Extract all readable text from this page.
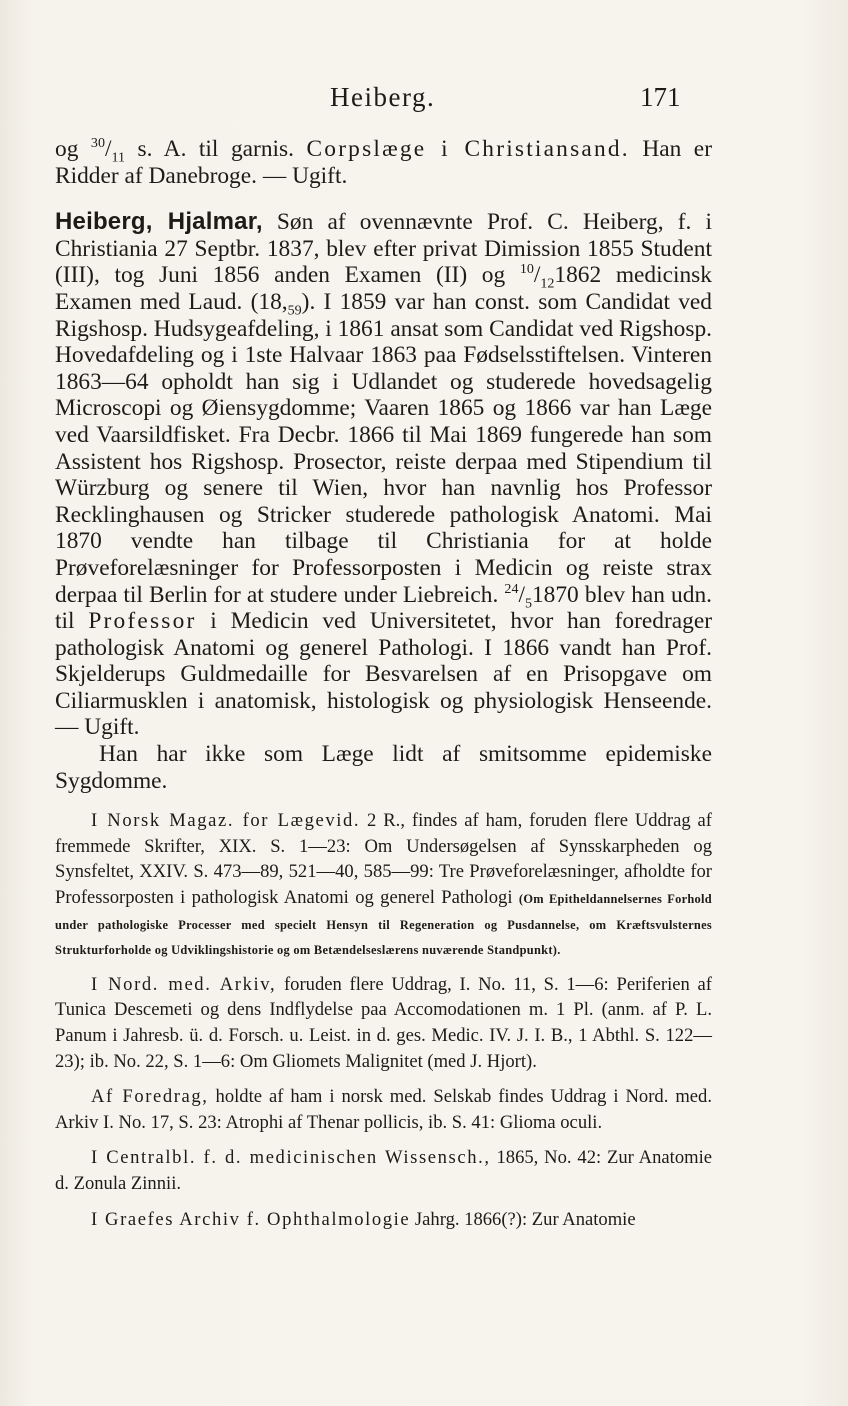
Heiberg.	171

og $^{30}/_{11}$ s. A. til garnis. Corpslæge i Christiansand. Han er Ridder af Danebroge. — Ugift.

Heiberg, Hjalmar, Søn af ovennævnte Prof. C. Heiberg, f. i Christiania 27 Septbr. 1837, blev efter privat Dimission 1855 Student (III), tog Juni 1856 anden Examen (II) og $^{10}/_{12}1862$ medicinsk Examen med Laud. $(18,_{59})$. I 1859 var han const. som Candidat ved Rigshosp. Hudsygeafdeling, i 1861 ansat som Candidat ved Rigshosp. Hovedafdeling og i 1ste Halvaar 1863 paa Fødselsstiftelsen. Vinteren 1863—64 opholdt han sig i Udlandet og studerede hovedsagelig Microscopi og Øiensygdomme; Vaaren 1865 og 1866 var han Læge ved Vaarsildfisket. Fra Decbr. 1866 til Mai 1869 fungerede han som Assistent hos Rigshosp. Prosector, reiste derpaa med Stipendium til Würzburg og senere til Wien, hvor han navnlig hos Professor Recklinghausen og Stricker studerede pathologisk Anatomi. Mai 1870 vendte han tilbage til Christiania for at holde Prøveforelæsninger for Professorposten i Medicin og reiste strax derpaa til Berlin for at studere under Liebreich. $^{24}/_51870$ blev han udn. til Professor i Medicin ved Universitetet, hvor han foredrager pathologisk Anatomi og generel Pathologi. I 1866 vandt han Prof. Skjelderups Guldmedaille for Besvarelsen af en Prisopgave om Ciliarmusklen i anatomisk, histologisk og physiologisk Henseende. — Ugift.

Han har ikke som Læge lidt af smitsomme epidemiske Sygdomme.

I Norsk Magaz. for Lægevid. 2 R., findes af ham, foruden flere Uddrag af fremmede Skrifter, XIX. S. 1—23: Om Undersøgelsen af Synsskarpheden og Synsfeltet, XXIV. S. 473—89, 521—40, 585—99: Tre Prøveforelæsninger, afholdte for Professorposten i pathologisk Anatomi og generel Pathologi (Om Epitheldannelsernes Forhold under pathologiske Processer med specielt Hensyn til Regeneration og Pusdannelse, om Kræftsvulsternes Strukturforholde og Udviklingshistorie og om Betændelseslærens nuværende Standpunkt).

I Nord. med. Arkiv, foruden flere Uddrag, I. No. 11, S. 1—6: Periferien af Tunica Descemeti og dens Indflydelse paa Accomodationen m. 1 Pl. (anm. af P. L. Panum i Jahresb. ü. d. Forsch. u. Leist. in d. ges. Medic. IV. J. I. B., 1 Abthl. S. 122—23); ib. No. 22, S. 1—6: Om Gliomets Malignitet (med J. Hjort).

Af Foredrag, holdte af ham i norsk med. Selskab findes Uddrag i Nord. med. Arkiv I. No. 17, S. 23: Atrophi af Thenar pollicis, ib. S. 41: Glioma oculi.

I Centralbl. f. d. medicinischen Wissensch., 1865, No. 42: Zur Anatomie d. Zonula Zinnii.

I Graefes Archiv f. Ophthalmologie Jahrg. 1866(?): Zur Anatomie
